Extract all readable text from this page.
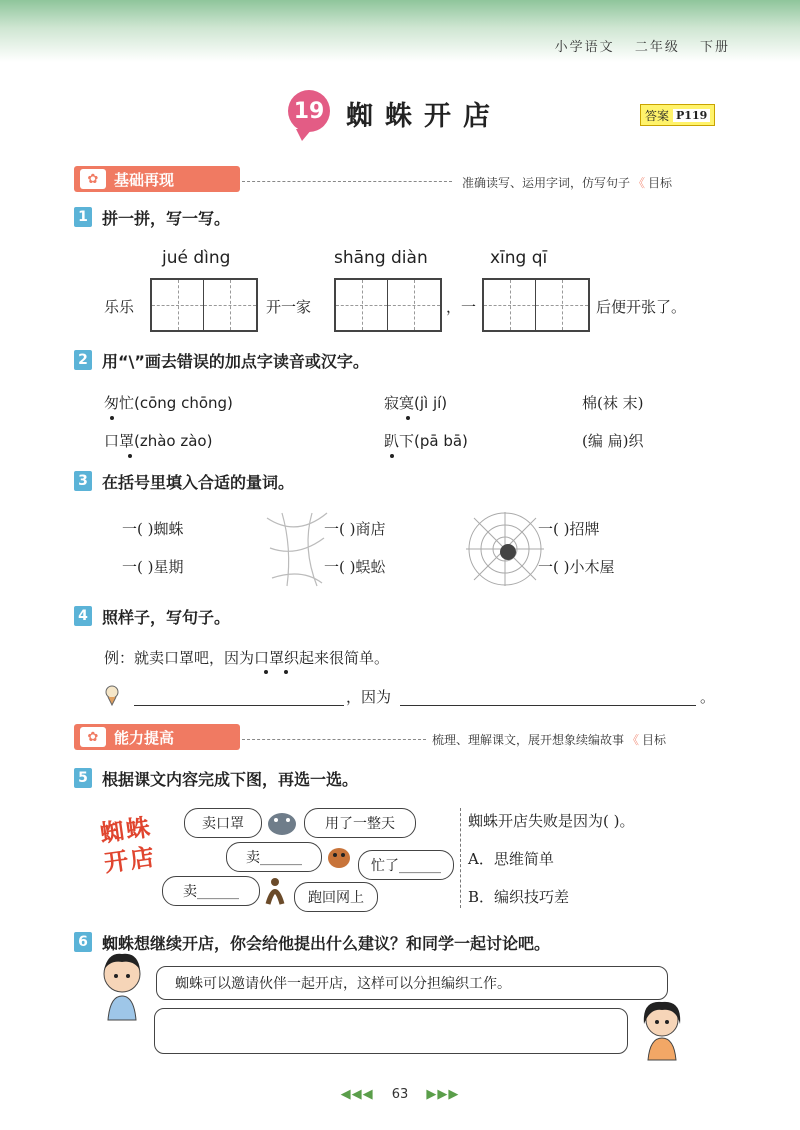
小学语文 二年级 下册
19 蜘蛛开店	答案 P119
✿	基础再现	准确读写、运用字词，仿写句子 《 目标
1 拼一拼，写一写。
jué dìng	shāng diàn	xīng qī
乐乐	开一家	，一	后便开张了。
2 用“\”画去错误的加点字读音或汉字。
匆忙(cōng chōng)	寂寞(jì jí)	棉(袜 末)
口罩(zhào zào)	趴下(pā bā)	(编 扁)织
3 在括号里填入合适的量词。
一( )蜘蛛	一( )商店	一( )招牌
一( )星期	一( )蜈蚣	一( )小木屋
4 照样子，写句子。
例：就卖口罩吧，因为口罩织起来很简单。
，因为	。
✿	能力提高	梳理、理解课文，展开想象续编故事 《 目标
5 根据课文内容完成下图，再选一选。
蜘蛛开店
卖口罩	用了一整天
卖______	忙了______
卖______	跑回网上
蜘蛛开店失败是因为( )。
A．思维简单
B．编织技巧差
6 蜘蛛想继续开店，你会给他提出什么建议？和同学一起讨论吧。
蜘蛛可以邀请伙伴一起开店，这样可以分担编织工作。
◀◀◀ 63 ▶▶▶
